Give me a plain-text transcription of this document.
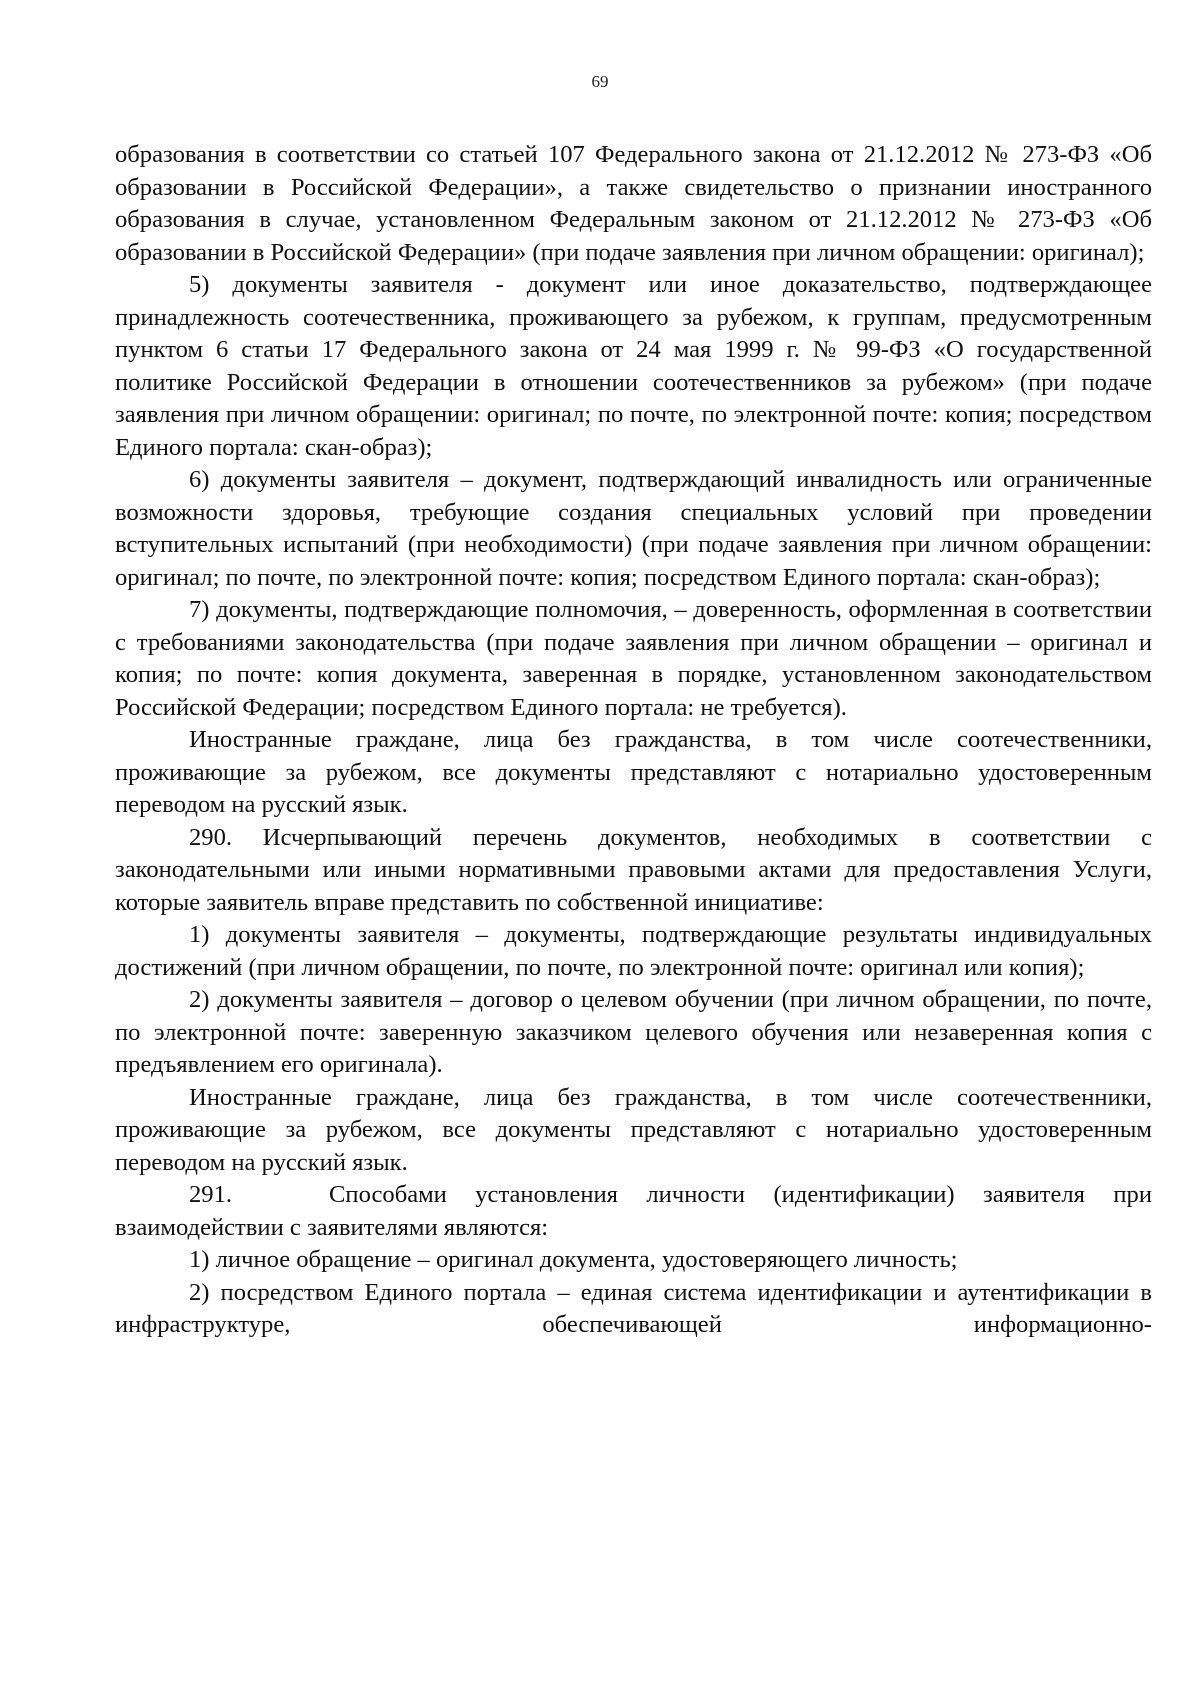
69

образования в соответствии со статьей 107 Федерального закона от 21.12.2012 № 273-ФЗ «Об образовании в Российской Федерации», а также свидетельство о признании иностранного образования в случае, установленном Федеральным законом от 21.12.2012 № 273-ФЗ «Об образовании в Российской Федерации» (при подаче заявления при личном обращении: оригинал);

5) документы заявителя - документ или иное доказательство, подтверждающее принадлежность соотечественника, проживающего за рубежом, к группам, предусмотренным пунктом 6 статьи 17 Федерального закона от 24 мая 1999 г. № 99-ФЗ «О государственной политике Российской Федерации в отношении соотечественников за рубежом» (при подаче заявления при личном обращении: оригинал; по почте, по электронной почте: копия; посредством Единого портала: скан-образ);

6) документы заявителя – документ, подтверждающий инвалидность или ограниченные возможности здоровья, требующие создания специальных условий при проведении вступительных испытаний (при необходимости) (при подаче заявления при личном обращении: оригинал; по почте, по электронной почте: копия; посредством Единого портала: скан-образ);

7) документы, подтверждающие полномочия, – доверенность, оформленная в соответствии с требованиями законодательства (при подаче заявления при личном обращении – оригинал и копия; по почте: копия документа, заверенная в порядке, установленном законодательством Российской Федерации; посредством Единого портала: не требуется).

Иностранные граждане, лица без гражданства, в том числе соотечественники, проживающие за рубежом, все документы представляют с нотариально удостоверенным переводом на русский язык.

290. Исчерпывающий перечень документов, необходимых в соответствии с законодательными или иными нормативными правовыми актами для предоставления Услуги, которые заявитель вправе представить по собственной инициативе:

1) документы заявителя – документы, подтверждающие результаты индивидуальных достижений (при личном обращении, по почте, по электронной почте: оригинал или копия);

2) документы заявителя – договор о целевом обучении (при личном обращении, по почте, по электронной почте: заверенную заказчиком целевого обучения или незаверенная копия с предъявлением его оригинала).

Иностранные граждане, лица без гражданства, в том числе соотечественники, проживающие за рубежом, все документы представляют с нотариально удостоверенным переводом на русский язык.

291.	Способами установления личности (идентификации) заявителя при взаимодействии с заявителями являются:

1) личное обращение – оригинал документа, удостоверяющего личность;

2) посредством Единого портала – единая система идентификации и аутентификации в инфраструктуре, обеспечивающей информационно-
